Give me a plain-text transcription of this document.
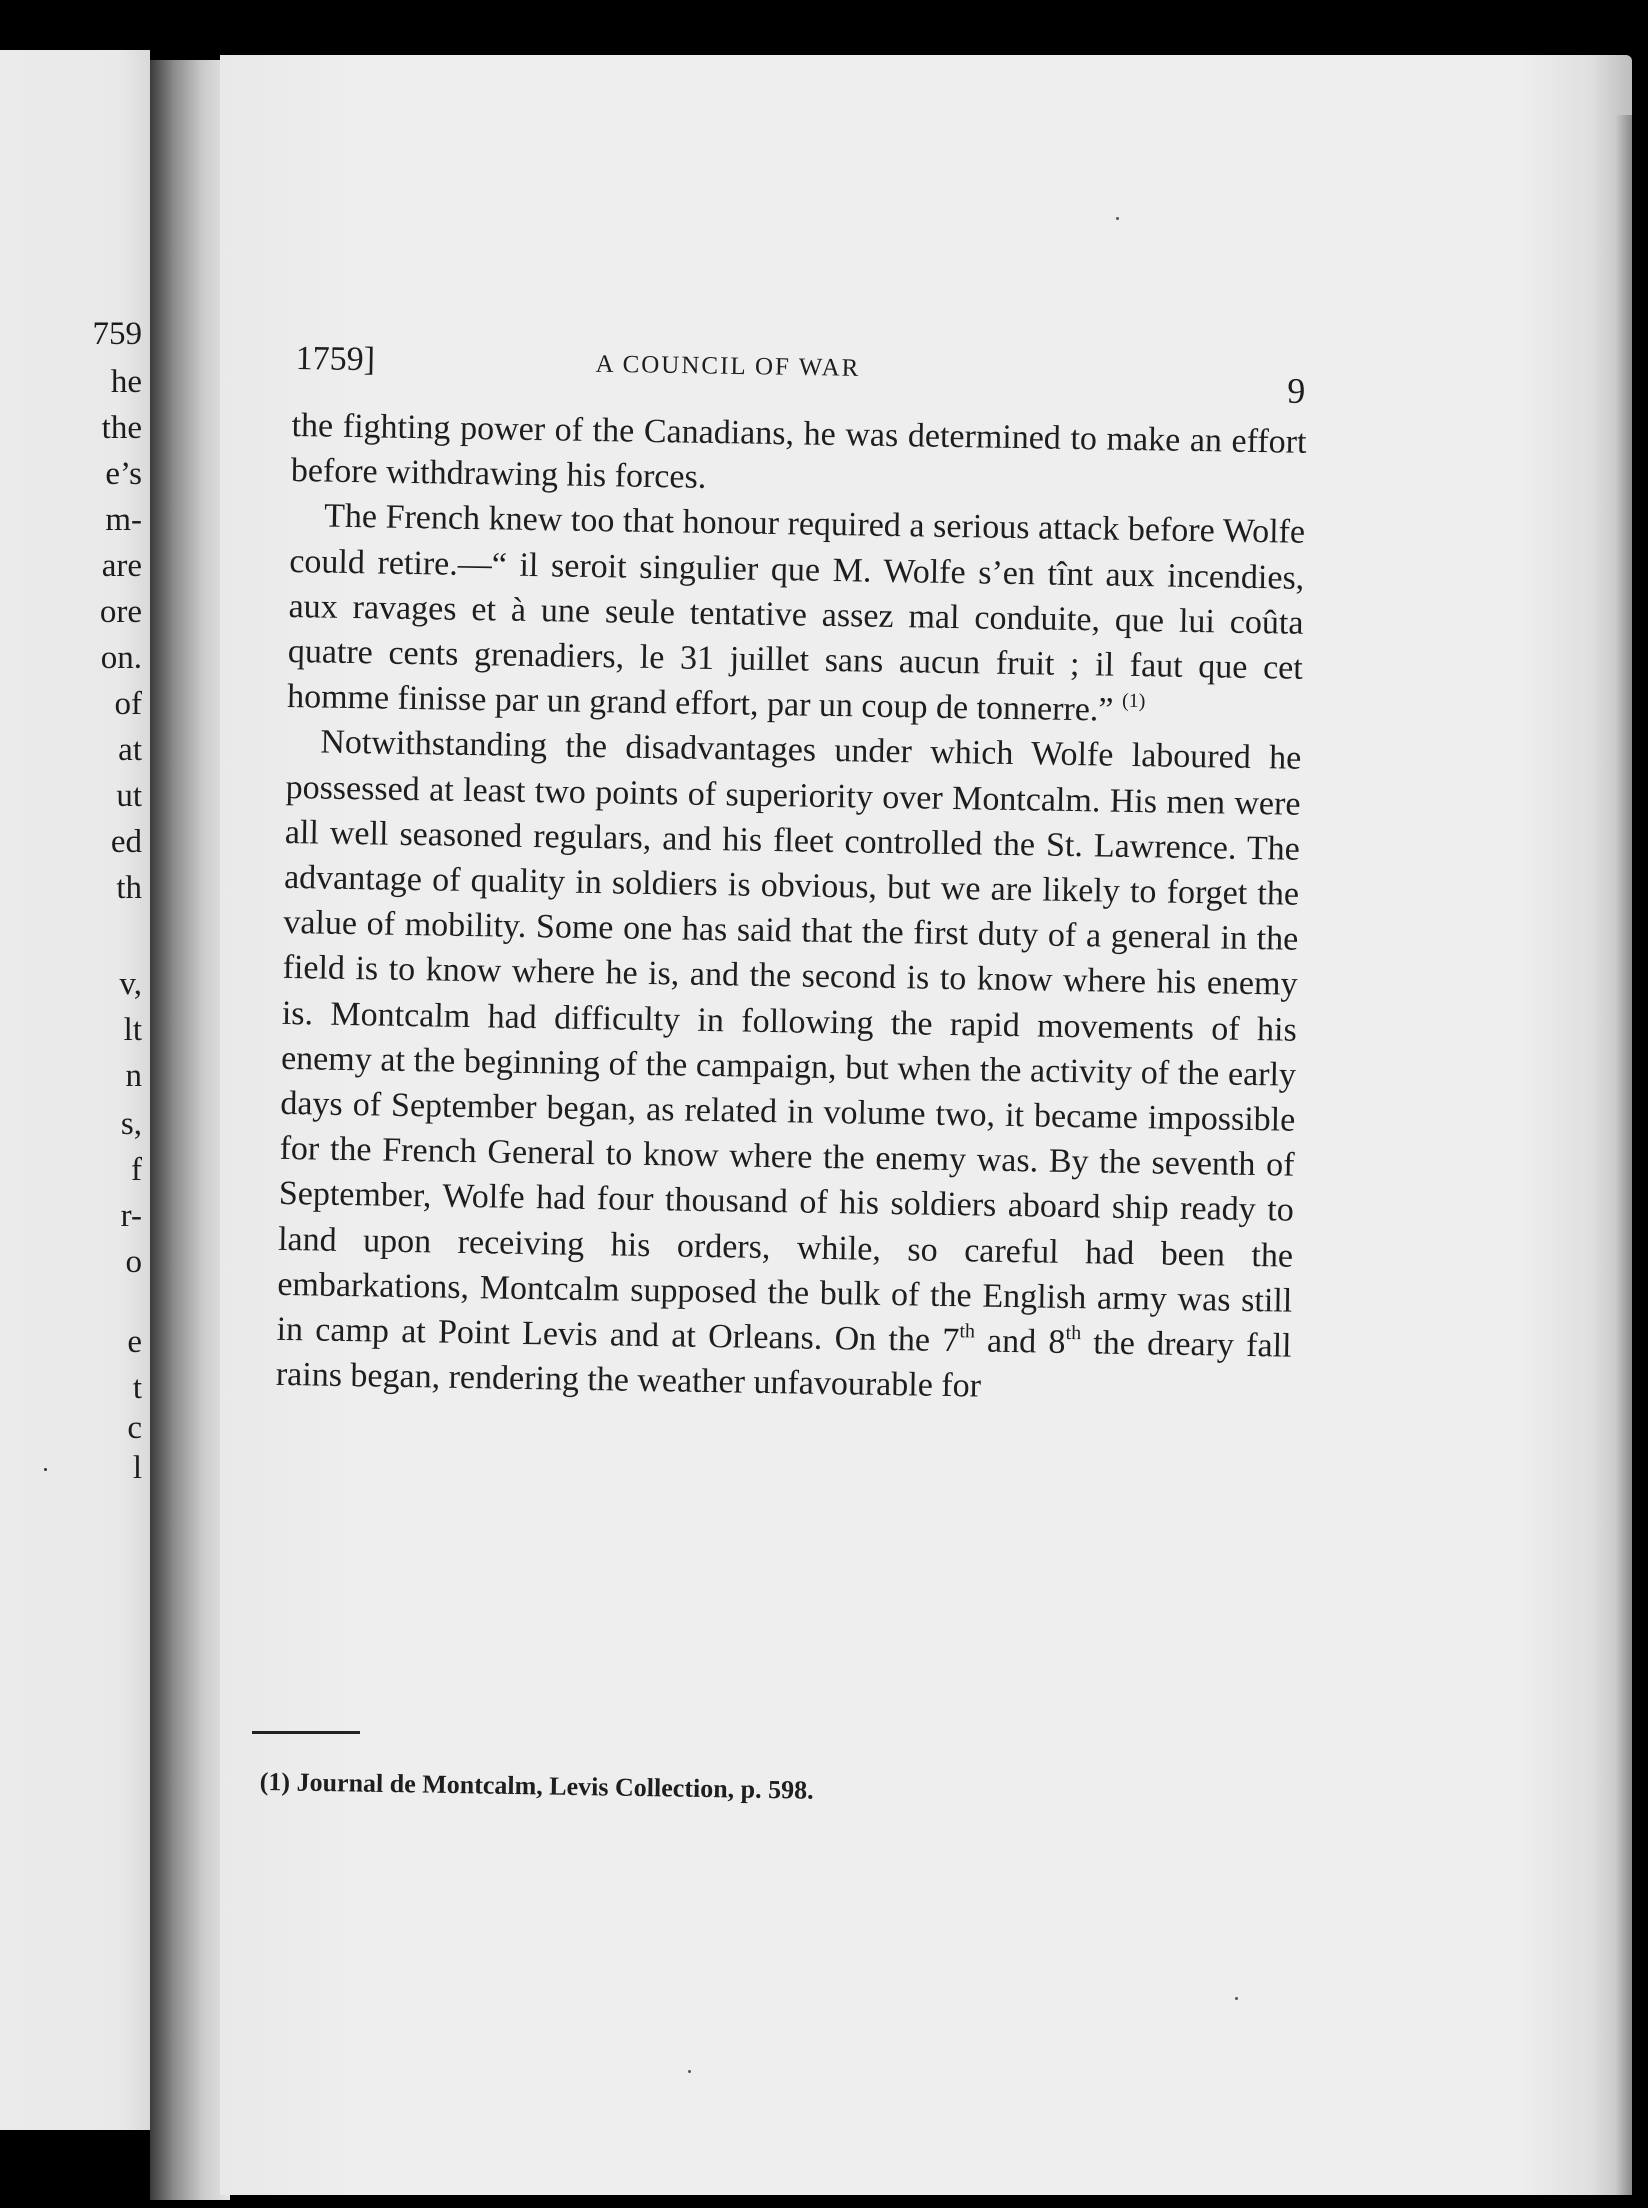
759
he
the
e’s
m-
are
ore
on.
of
at
ut
ed
th
v,
lt
n
s,
f
r-
o
e
t
c
l
1759]	A COUNCIL OF WAR
9

the fighting power of the Canadians, he was determined to make an effort before withdrawing his forces.

The French knew too that honour required a serious attack before Wolfe could retire.—“ il seroit singulier que M. Wolfe s’en tînt aux incendies, aux ravages et à une seule tentative assez mal conduite, que lui coûta quatre cents grenadiers, le 31 juillet sans aucun fruit ; il faut que cet homme finisse par un grand effort, par un coup de tonnerre.” $^{(1)}$

Notwithstanding the disadvantages under which Wolfe laboured he possessed at least two points of superiority over Montcalm. His men were all well seasoned regulars, and his fleet controlled the St. Lawrence. The advantage of quality in soldiers is obvious, but we are likely to forget the value of mobility. Some one has said that the first duty of a general in the field is to know where he is, and the second is to know where his enemy is. Montcalm had difficulty in following the rapid movements of his enemy at the beginning of the campaign, but when the activity of the early days of September began, as related in volume two, it became impossible for the French General to know where the enemy was. By the seventh of September, Wolfe had four thousand of his soldiers aboard ship ready to land upon receiving his orders, while, so careful had been the embarkations, Montcalm supposed the bulk of the English army was still in camp at Point Levis and at Orleans. On the 7th and 8th the dreary fall rains began, rendering the weather unfavourable for

(1) Journal de Montcalm, Levis Collection, p. 598.
